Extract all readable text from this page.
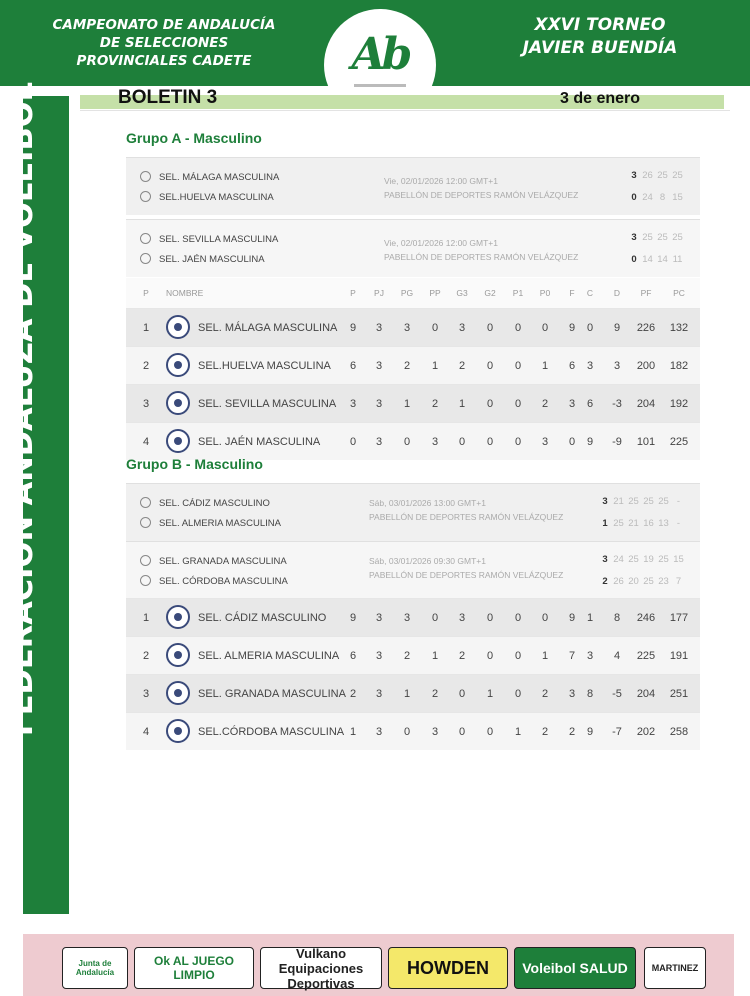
CAMPEONATO DE ANDALUCÍA
DE SELECCIONES
PROVINCIALES CADETE	Ab
XXVI TORNEO
JAVIER BUENDÍA
FEDERACION ANDALUZA DE VOLEIBOL	BOLETIN 3	3 de enero
Grupo A - Masculino
SEL. MÁLAGA MASCULINA
SEL.HUELVA MASCULINA
Vie, 02/01/2026 12:00 GMT+1
PABELLÓN DE DEPORTES RAMÓN VELÁZQUEZ
3 26 25 25
0 24 8 15
SEL. SEVILLA MASCULINA
SEL. JAÉN MASCULINA
Vie, 02/01/2026 12:00 GMT+1
PABELLÓN DE DEPORTES RAMÓN VELÁZQUEZ
3 25 25 25
0 14 14 11
P	NOMBRE	P	PJ	PG	PP	G3	G2	P1	P0	F	C	D	PF	PC
1	SEL. MÁLAGA MASCULINA	9	3	3	0	3	0	0	0	9	0	9	226	132
2	SEL.HUELVA MASCULINA	6	3	2	1	2	0	0	1	6	3	3	200	182
3	SEL. SEVILLA MASCULINA	3	3	1	2	1	0	0	2	3	6	-3	204	192
4	SEL. JAÉN MASCULINA	0	3	0	3	0	0	0	3	0	9	-9	101	225
Grupo B - Masculino
SEL. CÁDIZ MASCULINO
SEL. ALMERIA MASCULINA
Sáb, 03/01/2026 13:00 GMT+1
PABELLÓN DE DEPORTES RAMÓN VELÁZQUEZ
3 21 25 25 25 -
1 25 21 16 13 -
SEL. GRANADA MASCULINA
SEL. CÓRDOBA MASCULINA
Sáb, 03/01/2026 09:30 GMT+1
PABELLÓN DE DEPORTES RAMÓN VELÁZQUEZ
3 24 25 19 25 15
2 26 20 25 23 7
1	SEL. CÁDIZ MASCULINO	9	3	3	0	3	0	0	0	9	1	8	246	177
2	SEL. ALMERIA MASCULINA 6	3	2	1	2	0	0	1	7	3	4	225	191
3	SEL. GRANADA MASCULINA 2	3	1	2	0	1	0	2	3	8	-5	204	251
4	SEL.CÓRDOBA MASCULINA 1	3	0	3	0	0	1	2	2	9	-7	202	258
Junta de Andalucía
Ok AL JUEGO LIMPIO
Vulkano Equipaciones Deportivas
HOWDEN	Voleibol SALUD	MARTINEZ
